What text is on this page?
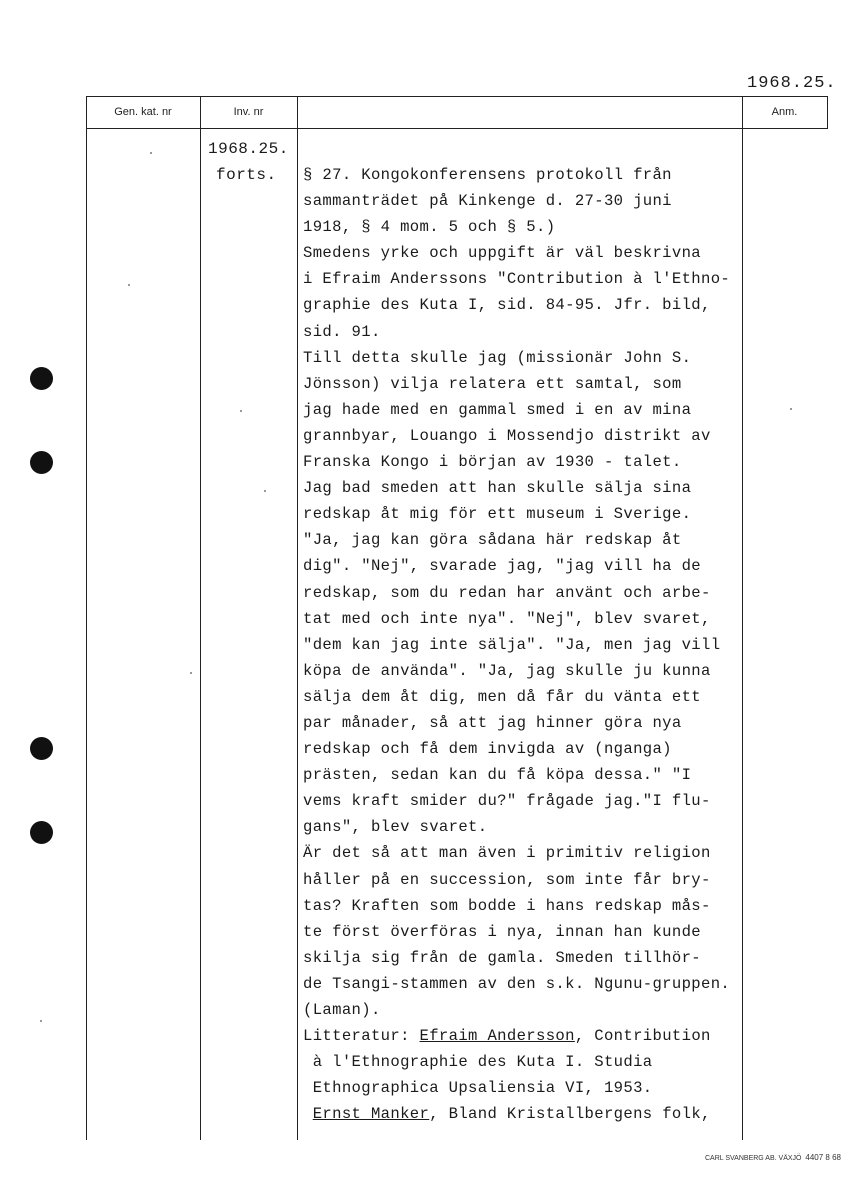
1968.25.
Gen. kat. nr	Inv. nr	Anm.
1968.25.
forts. § 27. Kongokonferensens protokoll från
sammanträdet på Kinkenge d. 27-30 juni
1918, § 4 mom. 5 och § 5.)
Smedens yrke och uppgift är väl beskrivna
i Efraim Anderssons "Contribution à l'Ethno-
graphie des Kuta I, sid. 84-95. Jfr. bild,
sid. 91.
Till detta skulle jag (missionär John S.
Jönsson) vilja relatera ett samtal, som
jag hade med en gammal smed i en av mina
grannbyar, Louango i Mossendjo distrikt av
Franska Kongo i början av 1930 - talet.
Jag bad smeden att han skulle sälja sina
redskap åt mig för ett museum i Sverige.
"Ja, jag kan göra sådana här redskap åt
dig". "Nej", svarade jag, "jag vill ha de
redskap, som du redan har använt och arbe-
tat med och inte nya". "Nej", blev svaret,
"dem kan jag inte sälja". "Ja, men jag vill
köpa de använda". "Ja, jag skulle ju kunna
sälja dem åt dig, men då får du vänta ett
par månader, så att jag hinner göra nya
redskap och få dem invigda av (nganga)
prästen, sedan kan du få köpa dessa." "I
vems kraft smider du?" frågade jag."I flu-
gans", blev svaret.
Är det så att man även i primitiv religion
håller på en succession, som inte får bry-
tas? Kraften som bodde i hans redskap mås-
te först överföras i nya, innan han kunde
skilja sig från de gamla. Smeden tillhör-
de Tsangi-stammen av den s.k. Ngunu-gruppen.
(Laman).
Litteratur: Efraim Andersson, Contribution
à l'Ethnographie des Kuta I. Studia
Ethnographica Upsaliensia VI, 1953.
Ernst Manker, Bland Kristallbergens folk,
CARL SVANBERG AB. VÄXJÖ 4407 8 68
